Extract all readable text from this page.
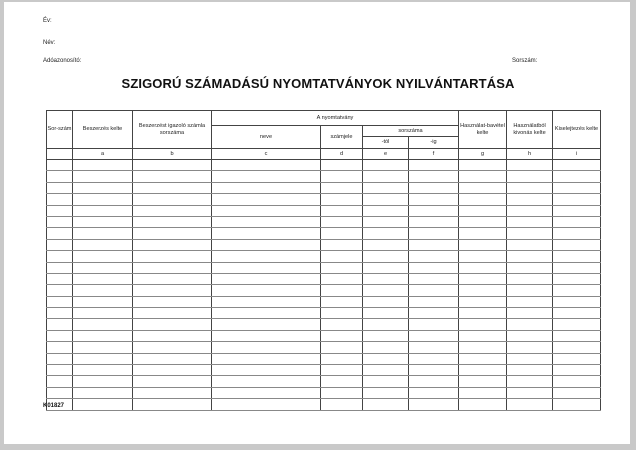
Év:
Név:
Adóazonosító:	Sorszám:
SZIGORÚ SZÁMADÁSÚ NYOMTATVÁNYOK NYILVÁNTARTÁSA
Sor-szám	Beszerzés kelte	Beszerzést igazoló számla sorszáma	A nyomtatvány				Használat-bavétel kelte	Használatból kivonás kelte	Kiselejtezés kelte
			neve	számjele	sorszáma				
					-tól	-ig			
	a	b	c	d	e	f	g	h	i

K01827
